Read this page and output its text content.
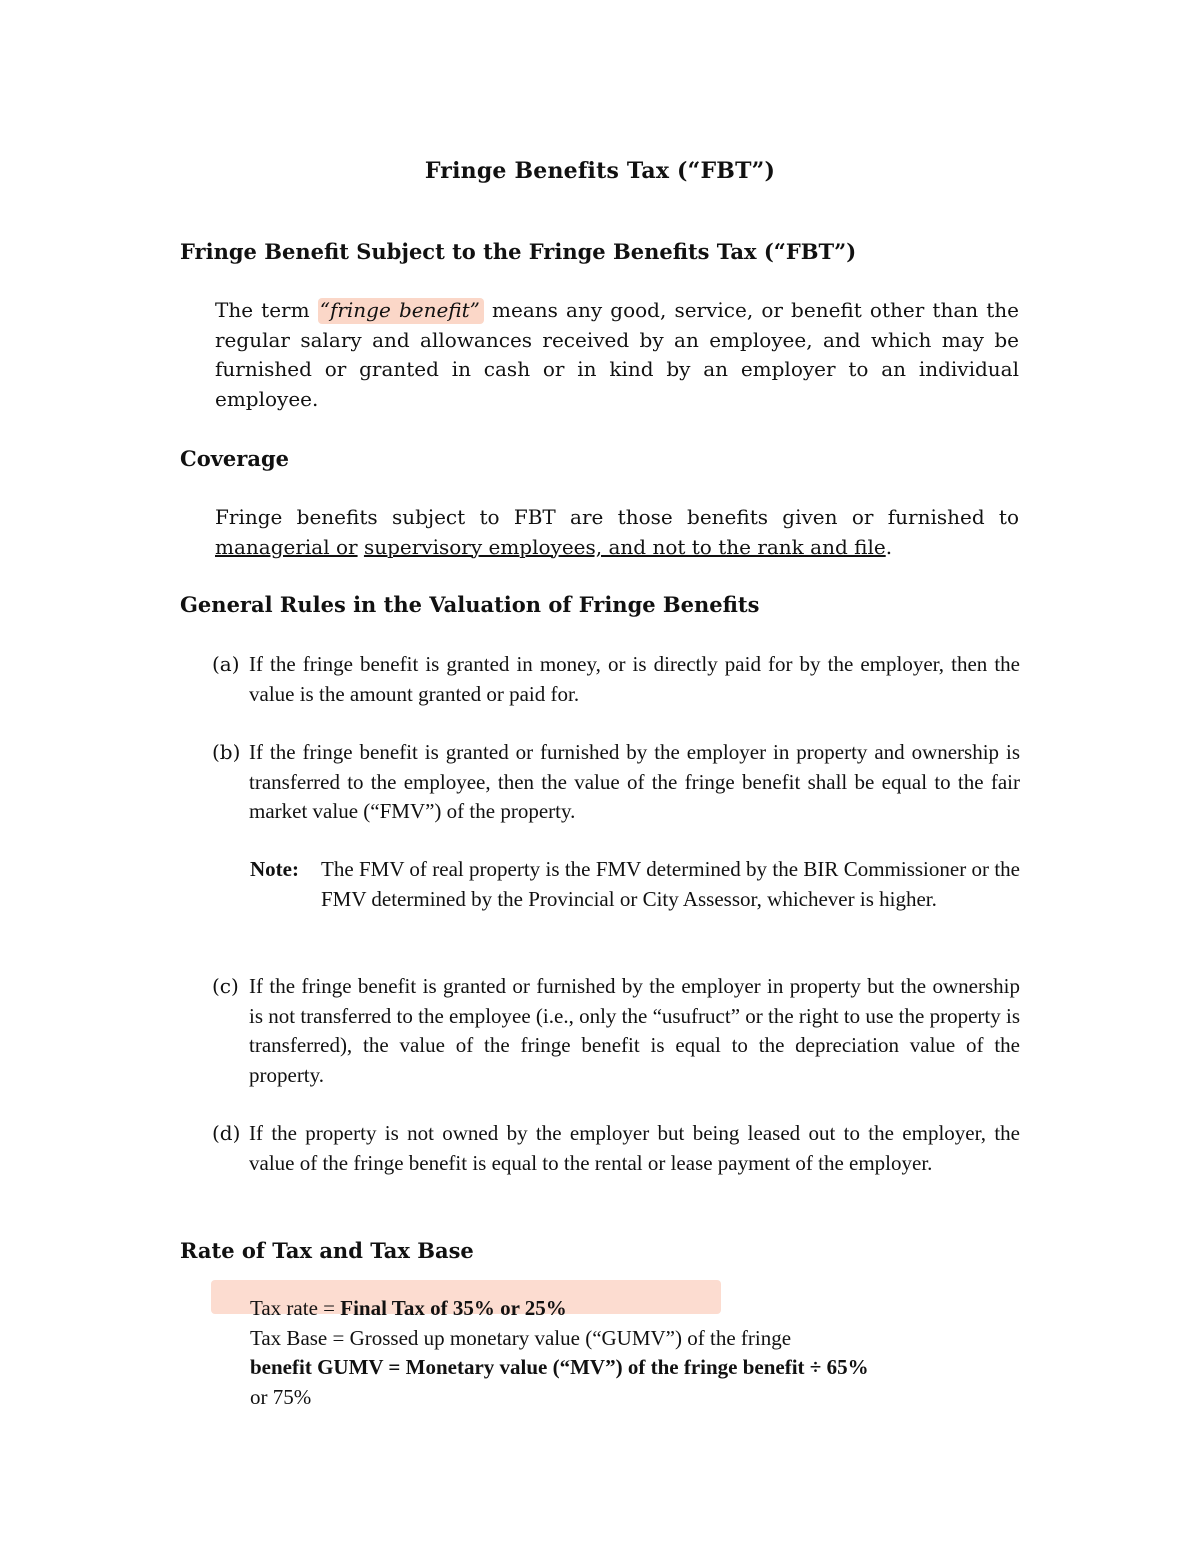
Fringe Benefits Tax (“FBT”)
Fringe Benefit Subject to the Fringe Benefits Tax (“FBT”)
The term “fringe benefit” means any good, service, or benefit other than the regular salary and allowances received by an employee, and which may be furnished or granted in cash or in kind by an employer to an individual employee.
Coverage
Fringe benefits subject to FBT are those benefits given or furnished to managerial or supervisory employees, and not to the rank and file.
General Rules in the Valuation of Fringe Benefits
(a) If the fringe benefit is granted in money, or is directly paid for by the employer, then the value is the amount granted or paid for.
(b) If the fringe benefit is granted or furnished by the employer in property and ownership is transferred to the employee, then the value of the fringe benefit shall be equal to the fair market value (“FMV”) of the property.
Note: The FMV of real property is the FMV determined by the BIR Commissioner or the FMV determined by the Provincial or City Assessor, whichever is higher.
(c) If the fringe benefit is granted or furnished by the employer in property but the ownership is not transferred to the employee (i.e., only the “usufruct” or the right to use the property is transferred), the value of the fringe benefit is equal to the depreciation value of the property.
(d) If the property is not owned by the employer but being leased out to the employer, the value of the fringe benefit is equal to the rental or lease payment of the employer.
Rate of Tax and Tax Base
Tax rate = Final Tax of 35% or 25%
Tax Base = Grossed up monetary value (“GUMV”) of the fringe
benefit GUMV = Monetary value (“MV”) of the fringe benefit ÷ 65%
or 75%
